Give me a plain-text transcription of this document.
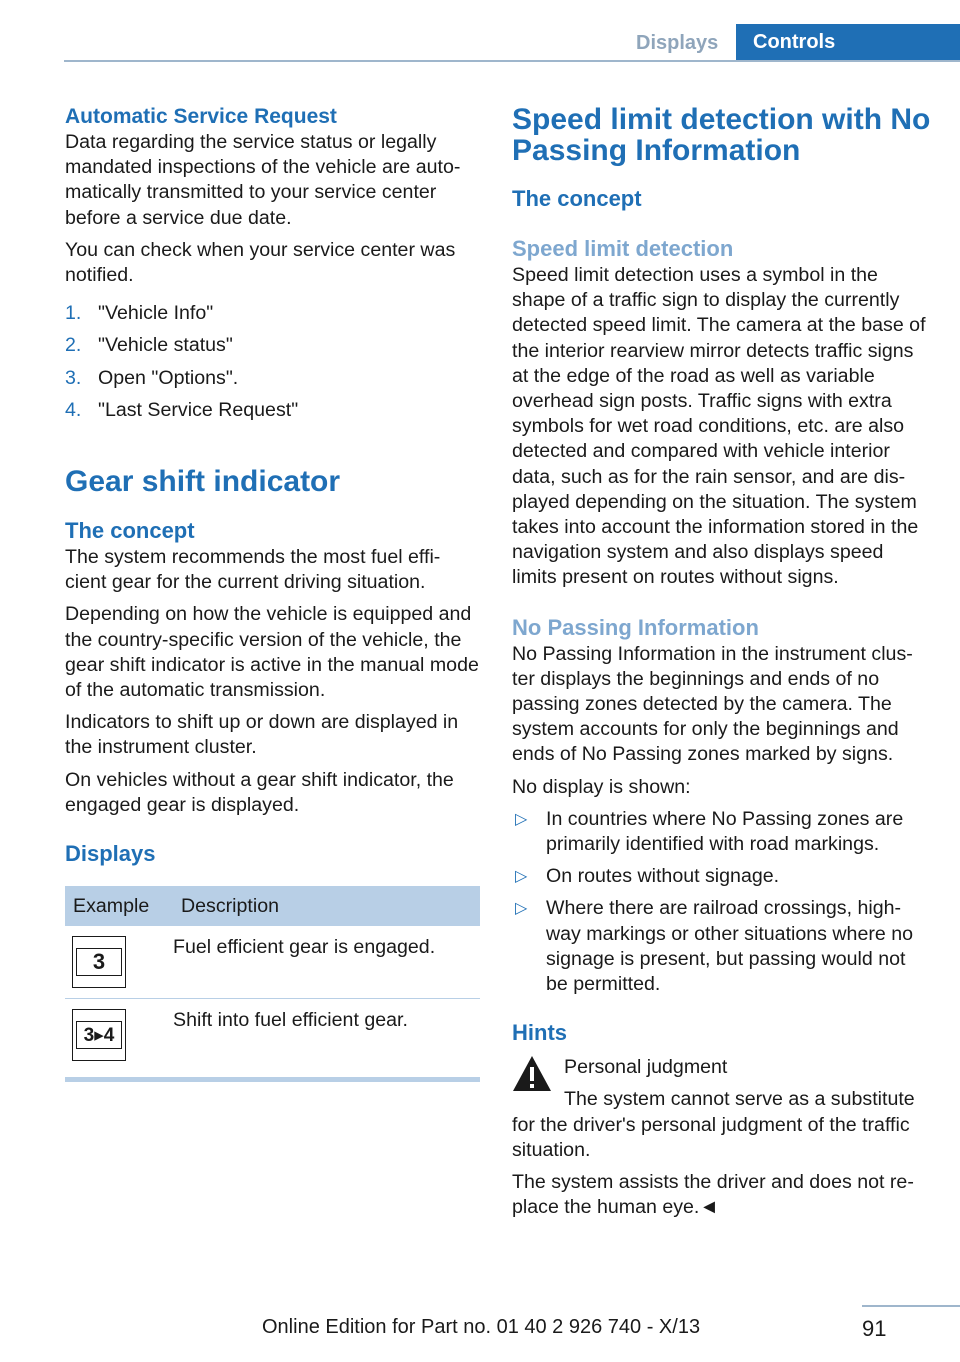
Displays	Controls

Automatic Service Request

Data regarding the service status or legally mandated inspections of the vehicle are auto-matically transmitted to your service center before a service due date.

You can check when your service center was notified.

1. "Vehicle Info"
2. "Vehicle status"
3. Open "Options".
4. "Last Service Request"

Gear shift indicator

The concept

The system recommends the most fuel effi-cient gear for the current driving situation.

Depending on how the vehicle is equipped and the country-specific version of the vehicle, the gear shift indicator is active in the manual mode of the automatic transmission.

Indicators to shift up or down are displayed in the instrument cluster.

On vehicles without a gear shift indicator, the engaged gear is displayed.

Displays

Example	Description

3	Fuel efficient gear is engaged.

3▸4	Shift into fuel efficient gear.

Speed limit detection with No Passing Information

The concept

Speed limit detection

Speed limit detection uses a symbol in the shape of a traffic sign to display the currently detected speed limit. The camera at the base of the interior rearview mirror detects traffic signs at the edge of the road as well as variable overhead sign posts. Traffic signs with extra symbols for wet road conditions, etc. are also detected and compared with vehicle interior data, such as for the rain sensor, and are dis-played depending on the situation. The system takes into account the information stored in the navigation system and also displays speed limits present on routes without signs.

No Passing Information

No Passing Information in the instrument clus-ter displays the beginnings and ends of no passing zones detected by the camera. The system accounts for only the beginnings and ends of No Passing zones marked by signs.

No display is shown:

▷ In countries where No Passing zones are primarily identified with road markings.
▷ On routes without signage.
▷ Where there are railroad crossings, high-way markings or other situations where no signage is present, but passing would not be permitted.

Hints

Personal judgment

The system cannot serve as a substitute for the driver's personal judgment of the traffic situation.

The system assists the driver and does not re-place the human eye.◄

91
Online Edition for Part no. 01 40 2 926 740 - X/13
